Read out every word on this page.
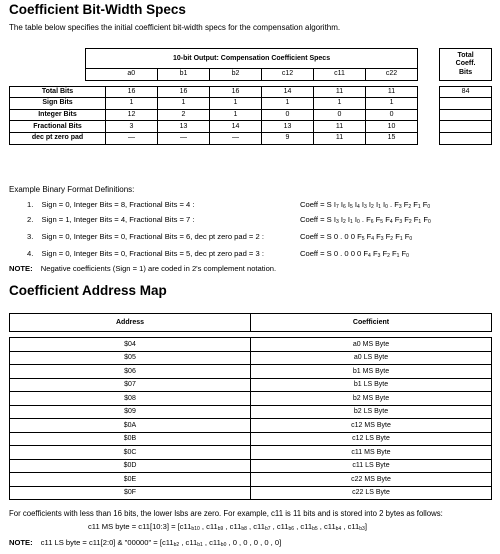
Coefficient Bit-Width Specs
The table below specifies the initial coefficient bit-width specs for the compensation algorithm.
	10-bit Output: Compensation Coefficient Specs								Total
Coeff.
Bits

		a0	b1	b2	c12	c11	c22		

Total Bits		16	16	16	14	11	11		84
Sign Bits		1	1	1	1	1	1		
Integer Bits		12	2	1	0	0	0		
Fractional Bits		3	13	14	13	11	10		
dec pt zero pad		—	—	—	9	11	15		
Example Binary Format Definitions:
1. Sign = 0, Integer Bits = 8, Fractional Bits = 4 :	Coeff = S $I_7$ $I_6$ $I_5$ $I_4$ $I_3$ $I_2$ $I_1$ $I_0$ . $F_3$ $F_2$ $F_1$ $F_0$
2. Sign = 1, Integer Bits = 4, Fractional Bits = 7 :	Coeff = S $I_3$ $I_2$ $I_1$ $I_0$ . $F_6$ $F_5$ $F_4$ $F_3$ $F_2$ $F_1$ $F_0$
3. Sign = 0, Integer Bits = 0, Fractional Bits = 6, dec pt zero pad = 2 :	Coeff = S 0 . 0 0 $F_5$ $F_4$ $F_3$ $F_2$ $F_1$ $F_0$
4. Sign = 0, Integer Bits = 0, Fractional Bits = 5, dec pt zero pad = 3 :	Coeff = S 0 . 0 0 0 $F_4$ $F_3$ $F_2$ $F_1$ $F_0$
NOTE: Negative coefficients (Sign = 1) are coded in 2's complement notation.
Coefficient Address Map
Address	Coefficient

$04	a0 MS Byte
$05	a0 LS Byte
$06	b1 MS Byte
$07	b1 LS Byte
$08	b2 MS Byte
$09	b2 LS Byte
$0A	c12 MS Byte
$0B	c12 LS Byte
$0C	c11 MS Byte
$0D	c11 LS Byte
$0E	c22 MS Byte
$0F	c22 LS Byte
For coefficients with less than 16 bits, the lower lsbs are zero. For example, c11 is 11 bits and is stored into 2 bytes as follows:
c11 MS byte = c11[10:3] = [$c11_{b10}$ , $c11_{b9}$ , $c11_{b8}$ , $c11_{b7}$ , $c11_{b6}$ , $c11_{b5}$ , $c11_{b4}$ , $c11_{b3}$]
NOTE: c11 LS byte = c11[2:0] & "00000" = [$c11_{b2}$ , $c11_{b1}$ , $c11_{b0}$ , 0 , 0 , 0 , 0 , 0]
